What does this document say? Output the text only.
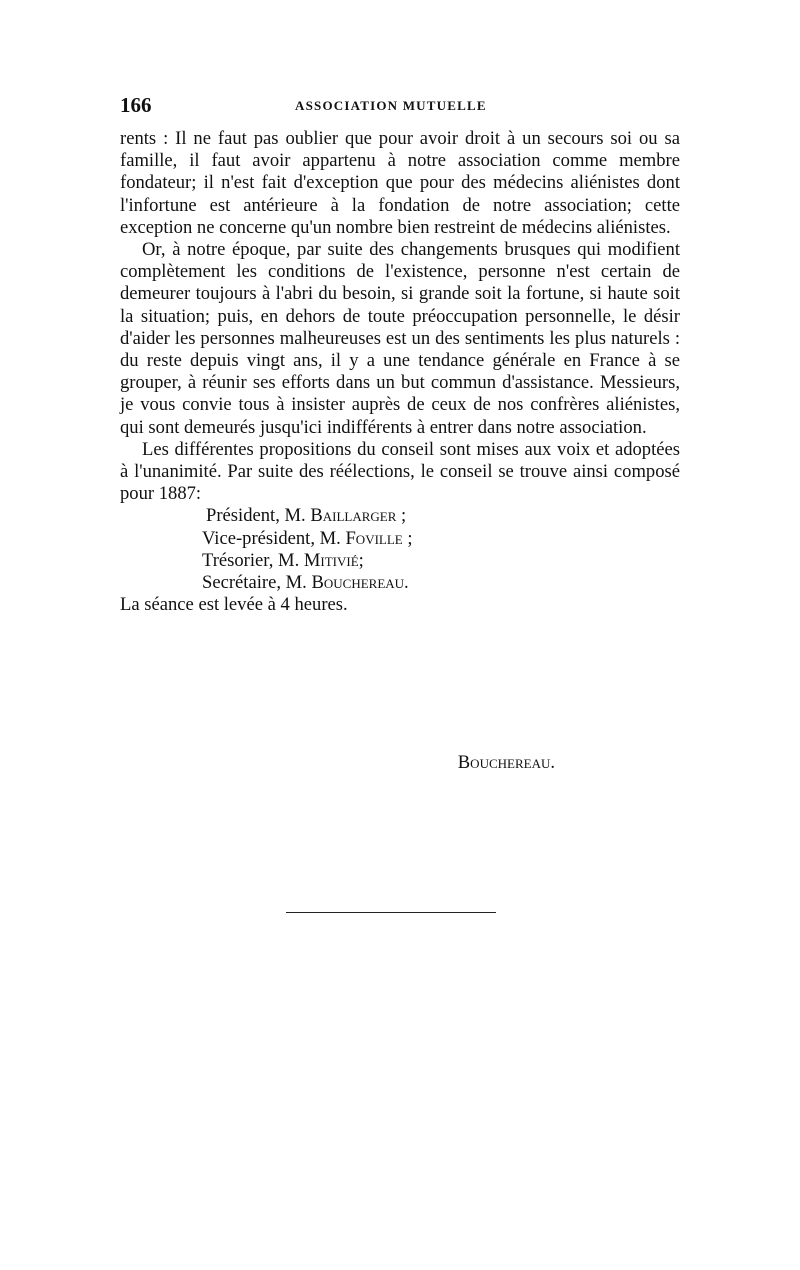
166	ASSOCIATION MUTUELLE

rents : Il ne faut pas oublier que pour avoir droit à un secours soi ou sa famille, il faut avoir appartenu à notre association comme membre fondateur; il n'est fait d'exception que pour des médecins aliénistes dont l'infortune est antérieure à la fondation de notre association; cette exception ne concerne qu'un nombre bien restreint de médecins aliénistes.

Or, à notre époque, par suite des changements brusques qui modifient complètement les conditions de l'existence, personne n'est certain de demeurer toujours à l'abri du besoin, si grande soit la fortune, si haute soit la situation; puis, en dehors de toute préoccupation personnelle, le désir d'aider les personnes malheureuses est un des sentiments les plus naturels : du reste depuis vingt ans, il y a une tendance générale en France à se grouper, à réunir ses efforts dans un but commun d'assistance. Messieurs, je vous convie tous à insister auprès de ceux de nos confrères aliénistes, qui sont demeurés jusqu'ici indifférents à entrer dans notre association.

Les différentes propositions du conseil sont mises aux voix et adoptées à l'unanimité. Par suite des réélections, le conseil se trouve ainsi composé pour 1887:

Président, M. Baillarger ;
Vice-président, M. Foville ;
Trésorier, M. Mitivié;
Secrétaire, M. Bouchereau.

La séance est levée à 4 heures.

Bouchereau.
